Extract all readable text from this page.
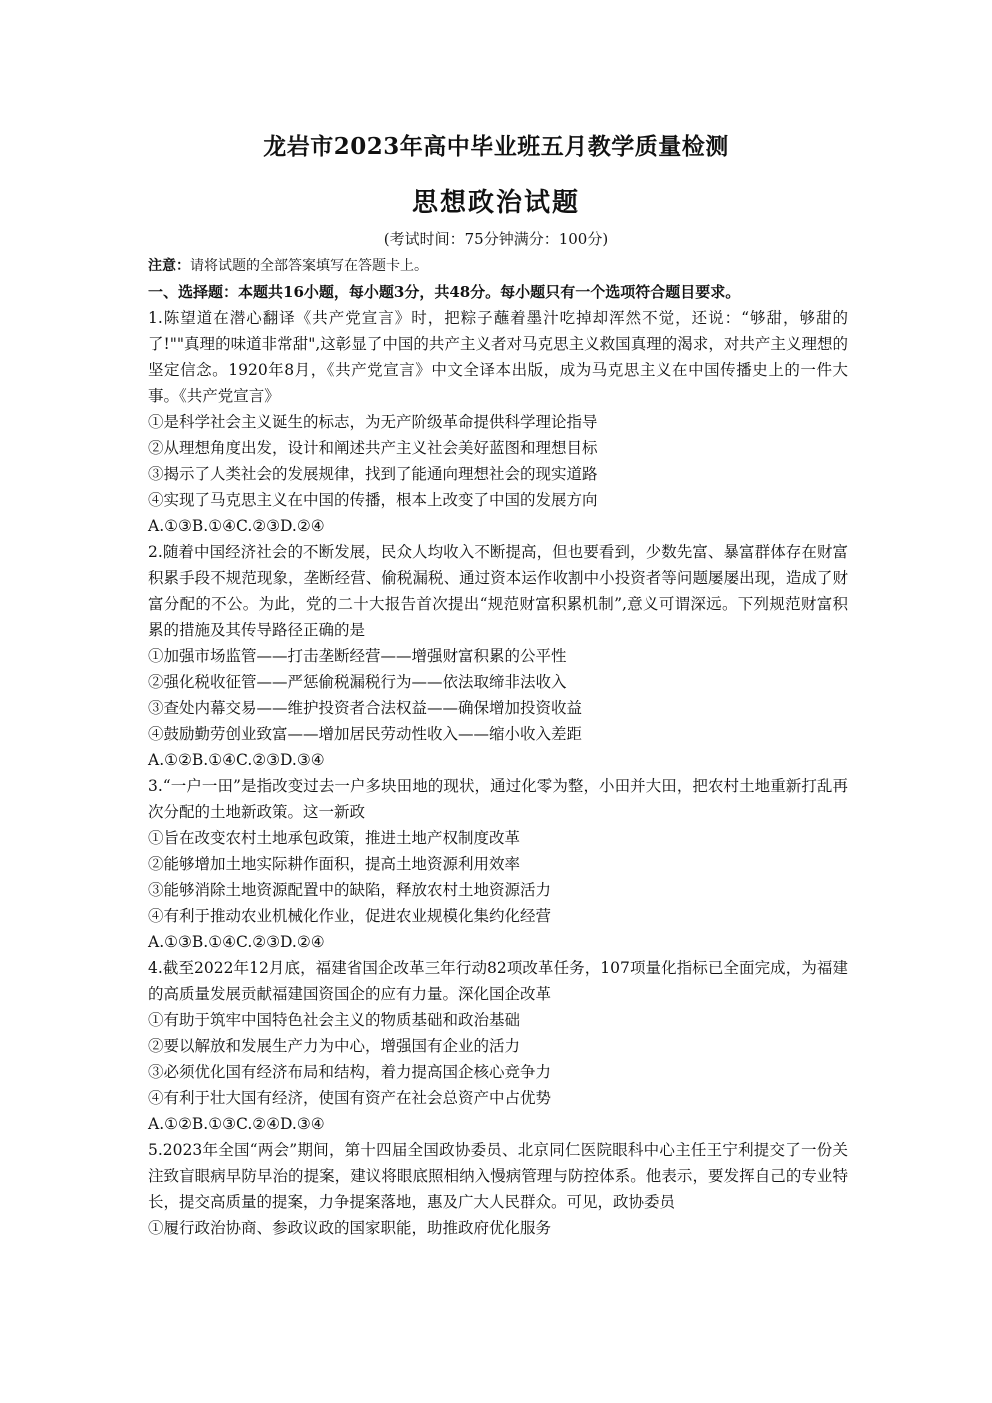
龙岩市2023年高中毕业班五月教学质量检测
思想政治试题
(考试时间：75分钟满分：100分)
注意：请将试题的全部答案填写在答题卡上。
一、选择题：本题共16小题，每小题3分，共48分。每小题只有一个选项符合题目要求。
1.陈望道在潜心翻译《共产党宣言》时，把粽子蘸着墨汁吃掉却浑然不觉，还说：“够甜，够甜的了!""真理的味道非常甜",这彰显了中国的共产主义者对马克思主义救国真理的渴求，对共产主义理想的坚定信念。1920年8月，《共产党宣言》中文全译本出版，成为马克思主义在中国传播史上的一件大事。《共产党宣言》
①是科学社会主义诞生的标志，为无产阶级革命提供科学理论指导
②从理想角度出发，设计和阐述共产主义社会美好蓝图和理想目标
③揭示了人类社会的发展规律，找到了能通向理想社会的现实道路
④实现了马克思主义在中国的传播，根本上改变了中国的发展方向
A.①③B.①④C.②③D.②④
2.随着中国经济社会的不断发展，民众人均收入不断提高，但也要看到，少数先富、暴富群体存在财富积累手段不规范现象，垄断经营、偷税漏税、通过资本运作收割中小投资者等问题屡屡出现，造成了财富分配的不公。为此，党的二十大报告首次提出“规范财富积累机制”,意义可谓深远。下列规范财富积累的措施及其传导路径正确的是
①加强市场监管——打击垄断经营——增强财富积累的公平性
②强化税收征管——严惩偷税漏税行为——依法取缔非法收入
③查处内幕交易——维护投资者合法权益——确保增加投资收益
④鼓励勤劳创业致富——增加居民劳动性收入——缩小收入差距
A.①②B.①④C.②③D.③④
3.“一户一田”是指改变过去一户多块田地的现状，通过化零为整，小田并大田，把农村土地重新打乱再次分配的土地新政策。这一新政
①旨在改变农村土地承包政策，推进土地产权制度改革
②能够增加土地实际耕作面积，提高土地资源利用效率
③能够消除土地资源配置中的缺陷，释放农村土地资源活力
④有利于推动农业机械化作业，促进农业规模化集约化经营
A.①③B.①④C.②③D.②④
4.截至2022年12月底，福建省国企改革三年行动82项改革任务，107项量化指标已全面完成，为福建的高质量发展贡献福建国资国企的应有力量。深化国企改革
①有助于筑牢中国特色社会主义的物质基础和政治基础
②要以解放和发展生产力为中心，增强国有企业的活力
③必须优化国有经济布局和结构，着力提高国企核心竞争力
④有利于壮大国有经济，使国有资产在社会总资产中占优势
A.①②B.①③C.②④D.③④
5.2023年全国“两会”期间，第十四届全国政协委员、北京同仁医院眼科中心主任王宁利提交了一份关注致盲眼病早防早治的提案，建议将眼底照相纳入慢病管理与防控体系。他表示，要发挥自己的专业特长，提交高质量的提案，力争提案落地，惠及广大人民群众。可见，政协委员
①履行政治协商、参政议政的国家职能，助推政府优化服务
